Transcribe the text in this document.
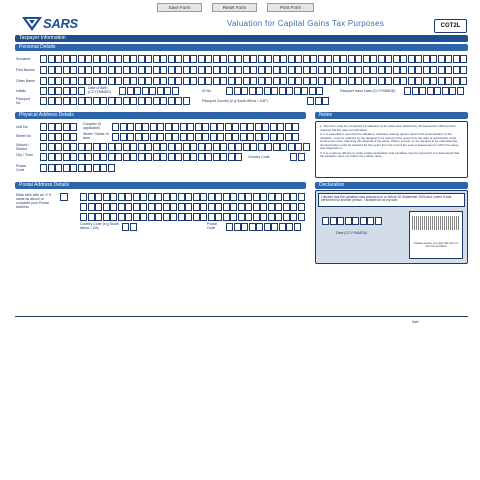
Save Form	Reset Form	Print Form
SARS	Valuation for Capital Gains Tax Purposes	CGT2L
Taxpayer Information
Personal Details
Surname
First Names
Other Name
Initials
Date of Birth (CCYYMMDD)	ID No	Passport Issue Date (CCYYMMDD)
Passport No	Passport Country (e.g South Africa = ZAF)
Physical Address Details
Unit No
Complex (if applicable)
Street No	Street / Name of farm
Suburb / District
City / Town	Country Code
Postal Code
Postal Address Details
Mark here with an 'X' if same as above or complete your Postal Address
Country Code (e.g South Africa = ZA)
Postal Code
Notes

1. This form must be completed if a valuation of an asset was obtained by 30 September 2004 and the required CGT2L was not submitted.

2. It is essential to note that the valuation, including working papers used in the determination of the valuation, must be retained by the taxpayer for a period of five years from the date of submission of the income tax return reflecting the disposal of the asset. Where a return is not required to be submitted the documentation must be retained for five years from the end of the year of assessment in which the asset was disposed of.

3. It is a serious offence to make a false declaration and penalties may be imposed if it is determined that the valuation does not reflect the market value.

Declaration
I declare that the valuation was prepared on or before 30 September 2004 and, where it was performed by another person, I accepted it as my own.
Date (CCYYMMDD)
Please ensure you sign this form in the box provided
Date
